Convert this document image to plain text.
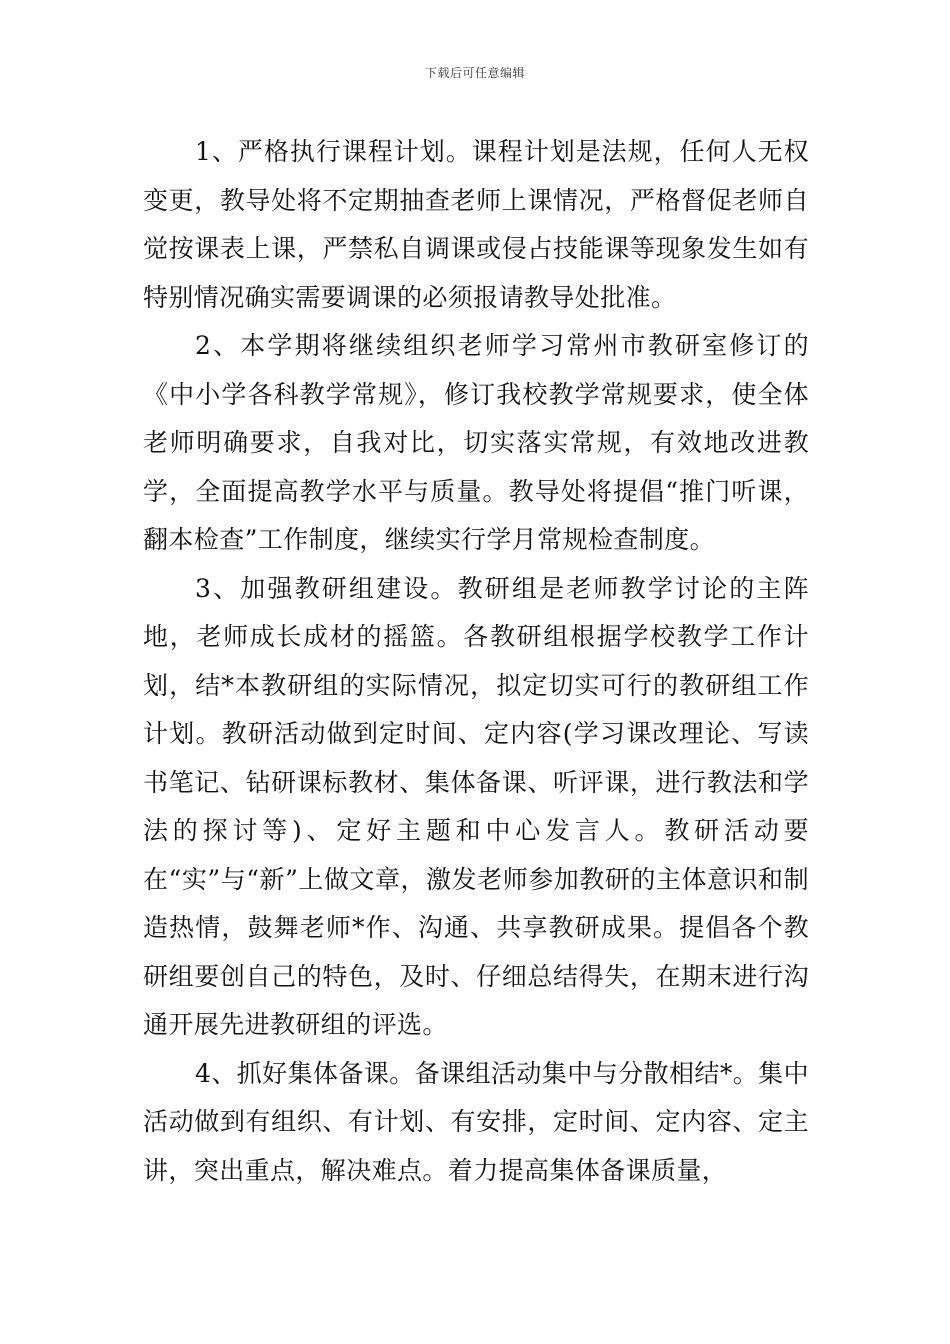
下载后可任意编辑

1、严格执行课程计划。课程计划是法规，任何人无权变更，教导处将不定期抽查老师上课情况，严格督促老师自觉按课表上课，严禁私自调课或侵占技能课等现象发生如有特别情况确实需要调课的必须报请教导处批准。

2、本学期将继续组织老师学习常州市教研室修订的《中小学各科教学常规》，修订我校教学常规要求，使全体老师明确要求，自我对比，切实落实常规，有效地改进教学，全面提高教学水平与质量。教导处将提倡“推门听课，翻本检查”工作制度，继续实行学月常规检查制度。

3、加强教研组建设。教研组是老师教学讨论的主阵地，老师成长成材的摇篮。各教研组根据学校教学工作计划，结*本教研组的实际情况，拟定切实可行的教研组工作计划。教研活动做到定时间、定内容(学习课改理论、写读书笔记、钻研课标教材、集体备课、听评课，进行教法和学法的探讨等)、定好主题和中心发言人。教研活动要在“实”与“新”上做文章，激发老师参加教研的主体意识和制造热情，鼓舞老师*作、沟通、共享教研成果。提倡各个教研组要创自己的特色，及时、仔细总结得失，在期末进行沟通开展先进教研组的评选。

4、抓好集体备课。备课组活动集中与分散相结*。集中活动做到有组织、有计划、有安排，定时间、定内容、定主讲，突出重点，解决难点。着力提高集体备课质量，
